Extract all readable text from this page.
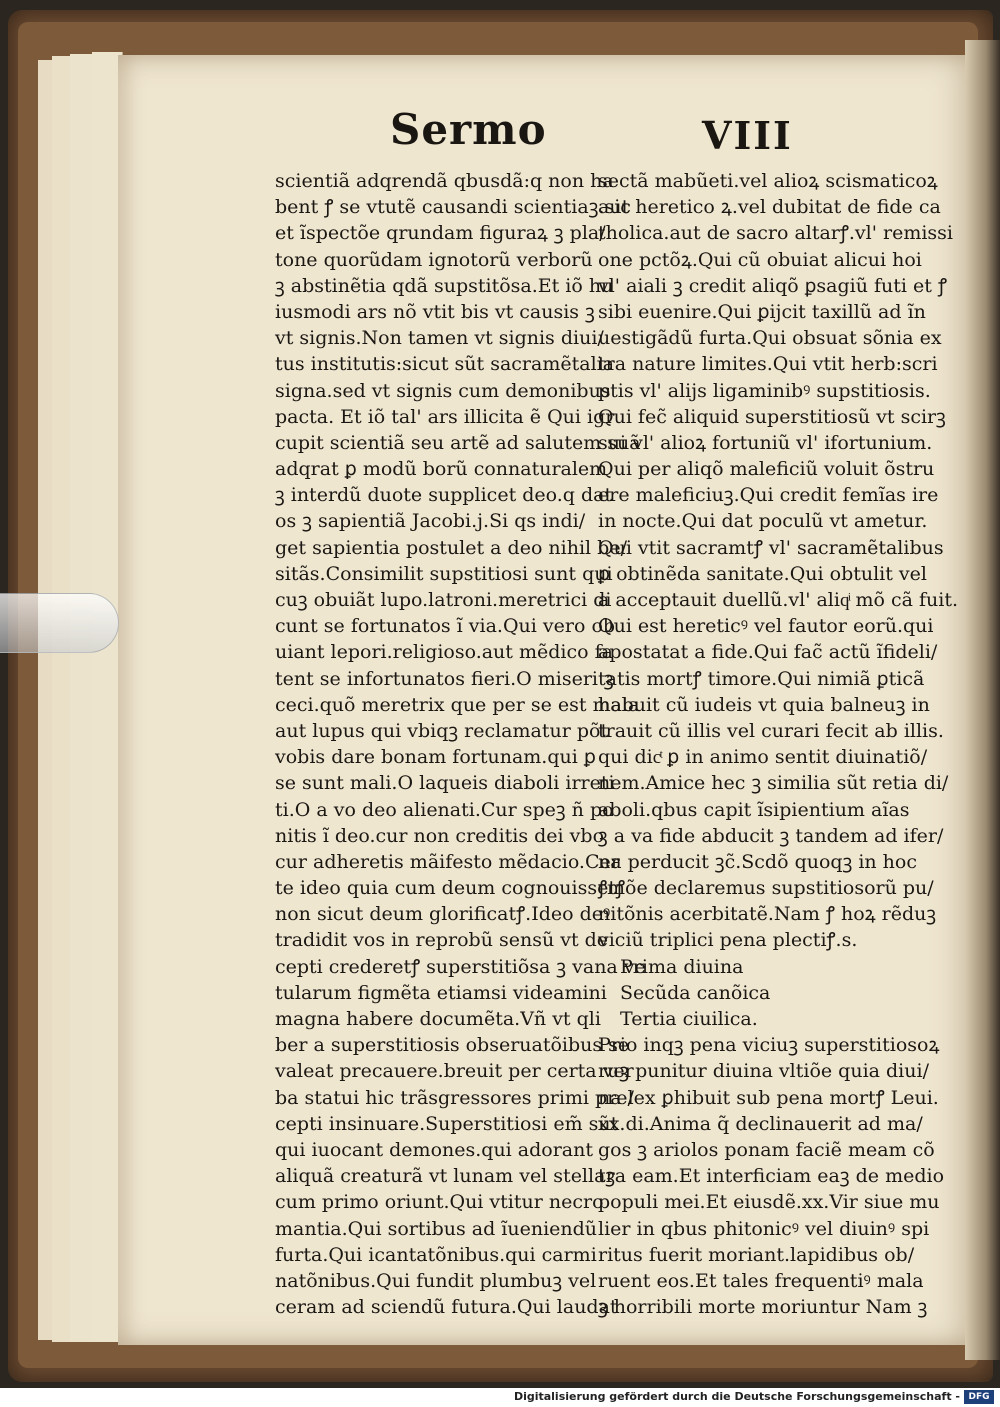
Sermo	VIII
scientiã adqrendã qbusdã:q non ha
bent ꝭ se vtutẽ causandi scientiaꝫ.sic
et ĩspectõe qrundam figuraꝝ ꝫ pla/
tone quorũdam ignotorũ verborũ
ꝫ abstinẽtia qdã supstitõsa.Et iõ hu
iusmodi ars nõ vtit bis vt causis ꝫ
vt signis.Non tamen vt signis diui/
tus institutis:sicut sũt sacramẽtalia
signa.sed vt signis cum demonibus
pacta. Et iõ tal' ars illicita ẽ Qui igr
cupit scientiã seu artẽ ad salutem suã
adqrat ꝑ modũ borũ connaturalem
ꝫ interdũ duote supplicet deo.q dat
os ꝫ sapientiã Jacobi.j.Si qs indi/
get sapientia postulet a deo nihil be/
sitãs.Consimilit supstitiosi sunt qui
cuꝫ obuiãt lupo.latroni.meretrici di
cunt se fortunatos ĩ via.Qui vero ob
uiant lepori.religioso.aut mẽdico fa
tent se infortunatos fieri.O miseri ꝫ
ceci.quõ meretrix que per se est mala
aut lupus qui vbiqꝫ reclamatur põt
vobis dare bonam fortunam.qui ꝑ
se sunt mali.O laqueis diaboli irreti
ti.O a vo deo alienati.Cur speꝫ ñ po
nitis ĩ deo.cur non creditis dei vbo
cur adheretis mãifesto mẽdacio.Cer
te ideo quia cum deum cognouissetꝭ
non sicut deum glorificatꝭ.Ideo deꝰ
tradidit vos in reprobũ sensũ vt de
cepti crederetꝭ superstitiõsa ꝫ vana ve
tularum figmẽta etiamsi videamini
magna habere documẽta.Vñ vt qli
ber a superstitiosis obseruatõibus se
valeat precauere.breuit per certa ver
ba statui hic trãsgressores primi pre/
cepti insinuare.Superstitiosi em̃ sũt
qui iuocant demones.qui adorant
aliquã creaturã vt lunam vel stellaꝫ
cum primo oriunt.Qui vtitur necro
mantia.Qui sortibus ad ĩueniendũ
furta.Qui icantatõnibus.qui carmi
natõnibus.Qui fundit plumbuꝫ vel
ceram ad sciendũ futura.Qui laudat
sectã mabũeti.vel alioꝝ scismaticoꝝ
aut heretico ꝝ.vel dubitat de fide ca
tholica.aut de sacro altarꝭ.vl' remissi
one pctõꝝ.Qui cũ obuiat alicui hoi
vl' aiali ꝫ credit aliqõ ꝑsagiũ futi et ꝭ
sibi euenire.Qui ꝑijcit taxillũ ad ĩn
uestigãdũ furta.Qui obsuat sõnia ex
tra nature limites.Qui vtit herb:scri
ptis vl' alijs ligaminibꝰ supstitiosis.
Qui fec̃ aliquid superstitiosũ vt scirꝫ
sui vl' alioꝝ fortuniũ vl' ifortunium.
Qui per aliqõ maleficiũ voluit õstru
ere maleficiuꝫ.Qui credit femĩas ire
in nocte.Qui dat poculũ vt ametur.
Qui vtit sacramtꝭ vl' sacramẽtalibus
ꝑ obtinẽda sanitate.Qui obtulit vel
a acceptauit duellũ.vl' aliqͥ mõ cã fuit.
Qui est hereticꝰ vel fautor eorũ.qui
apostatat a fide.Qui fac̃ actũ ĩfideli/
tatis mortꝭ timore.Qui nimiã ꝑticã
habuit cũ iudeis vt quia balneuꝫ in
trauit cũ illis vel curari fecit ab illis.
qui dicͭ ꝑ in animo sentit diuinatiõ/
nem.Amice hec ꝫ similia sũt retia di/
aboli.qbus capit ĩsipientium aĩas
ꝫ a va fide abducit ꝫ tandem ad ifer/
na perducit ꝫc̃.Scdõ quoqꝫ in hoc
ꝭmõe declaremus supstitiosorũ pu/
nitõnis acerbitatẽ.Nam ꝭ hoꝝ rẽduꝫ
viciũ triplici pena plectiꝭ.s.
Prima diuina
Secũda canõica
Tertia ciuilica.
Prio inqꝫ pena viciuꝫ superstitiosoꝝ
ruꝫ punitur diuina vltiõe quia diui/
na lex ꝑhibuit sub pena mortꝭ Leui.
xx.di.Anima q̃ declinauerit ad ma/
gos ꝫ ariolos ponam faciẽ meam cõ
tra eam.Et interficiam eaꝫ de medio
populi mei.Et eiusdẽ.xx.Vir siue mu
lier in qbus phitonicꝰ vel diuinꝰ spi
ritus fuerit moriant.lapidibus ob/
ruent eos.Et tales frequentiꝰ mala
ꝫ horribili morte moriuntur Nam ꝫ
Digitalisierung gefördert durch die Deutsche Forschungsgemeinschaft - DFG
